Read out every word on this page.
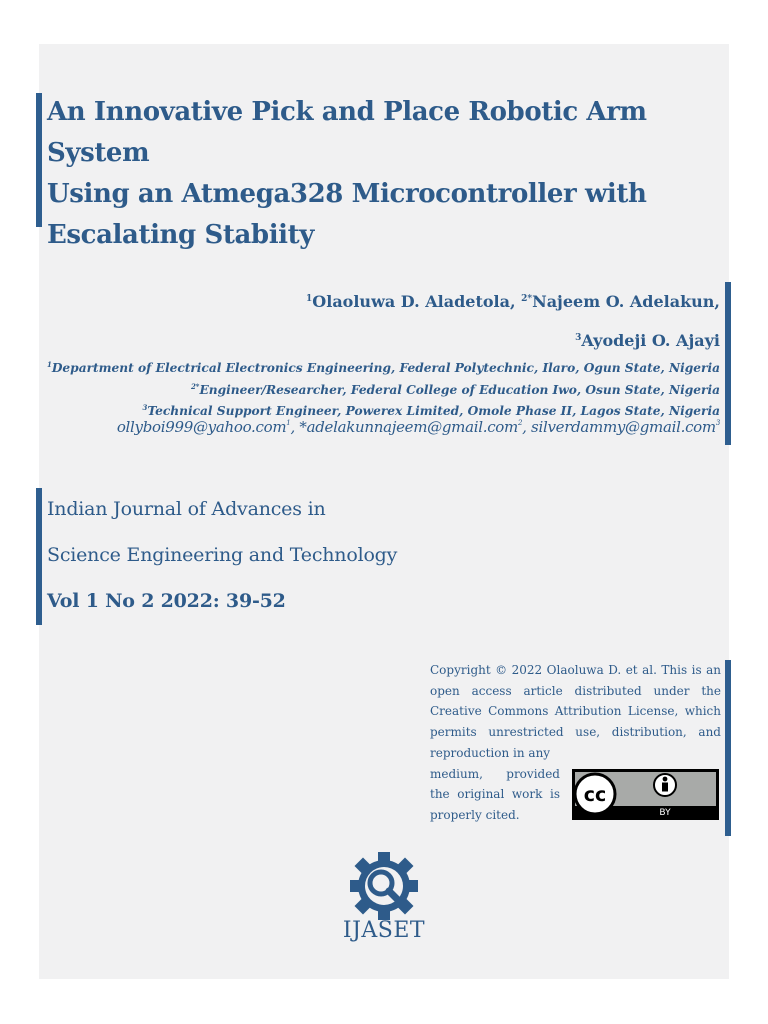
An Innovative Pick and Place Robotic Arm System
Using an Atmega328 Microcontroller with
Escalating Stabiity
$^1$Olaoluwa D. Aladetola, $^{2*}$Najeem O. Adelakun,
$^3$Ayodeji O. Ajayi
$^1$Department of Electrical Electronics Engineering, Federal Polytechnic, Ilaro, Ogun State, Nigeria
$^{2*}$Engineer/Researcher, Federal College of Education Iwo, Osun State, Nigeria
$^3$Technical Support Engineer, Powerex Limited, Omole Phase II, Lagos State, Nigeria
ollyboi999@yahoo.com$^1$, *adelakunnajeem@gmail.com$^2$, silverdammy@gmail.com$^3$
Indian Journal of Advances in
Science Engineering and Technology
Vol 1 No 2 2022: 39-52
Copyright © 2022 Olaoluwa D. et al. This is an open access article distributed under the Creative Commons Attribution License, which permits unrestricted use, distribution, and reproduction in any
medium, provided the original work is properly cited.
cc
BY
IJASET
